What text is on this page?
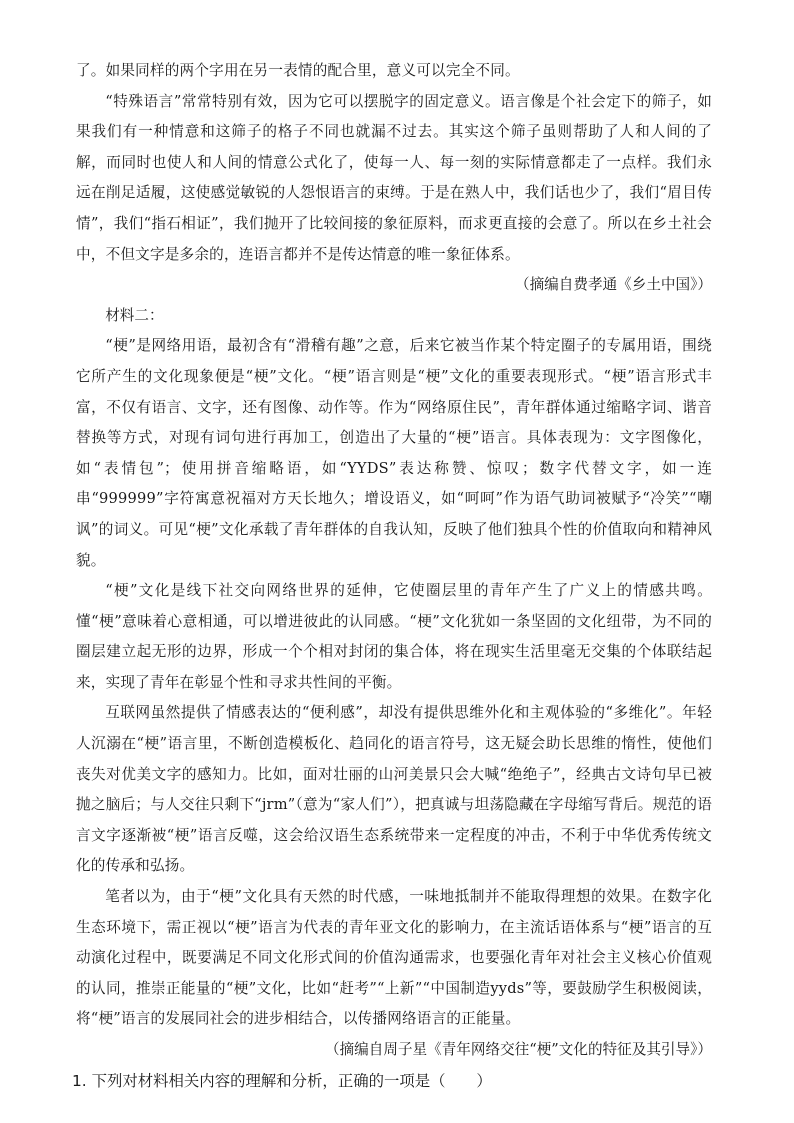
了。如果同样的两个字用在另一表情的配合里，意义可以完全不同。

“特殊语言”常常特别有效，因为它可以摆脱字的固定意义。语言像是个社会定下的筛子，如果我们有一种情意和这筛子的格子不同也就漏不过去。其实这个筛子虽则帮助了人和人间的了解，而同时也使人和人间的情意公式化了，使每一人、每一刻的实际情意都走了一点样。我们永远在削足适履，这使感觉敏锐的人怨恨语言的束缚。于是在熟人中，我们话也少了，我们“眉目传情”，我们“指石相证”，我们抛开了比较间接的象征原料，而求更直接的会意了。所以在乡土社会中，不但文字是多余的，连语言都并不是传达情意的唯一象征体系。

（摘编自费孝通《乡土中国》）

材料二：

“梗”是网络用语，最初含有“滑稽有趣”之意，后来它被当作某个特定圈子的专属用语，围绕它所产生的文化现象便是“梗”文化。“梗”语言则是“梗”文化的重要表现形式。“梗”语言形式丰富，不仅有语言、文字，还有图像、动作等。作为“网络原住民”，青年群体通过缩略字词、谐音替换等方式，对现有词句进行再加工，创造出了大量的“梗”语言。具体表现为：文字图像化，如“表情包”；使用拼音缩略语，如“YYDS”表达称赞、惊叹；数字代替文字，如一连串“999999”字符寓意祝福对方天长地久；增设语义，如“呵呵”作为语气助词被赋予“冷笑”“嘲讽”的词义。可见“梗”文化承载了青年群体的自我认知，反映了他们独具个性的价值取向和精神风貌。

“梗”文化是线下社交向网络世界的延伸，它使圈层里的青年产生了广义上的情感共鸣。懂“梗”意味着心意相通，可以增进彼此的认同感。“梗”文化犹如一条坚固的文化纽带，为不同的圈层建立起无形的边界，形成一个个相对封闭的集合体，将在现实生活里毫无交集的个体联结起来，实现了青年在彰显个性和寻求共性间的平衡。

互联网虽然提供了情感表达的“便利感”，却没有提供思维外化和主观体验的“多维化”。年轻人沉溺在“梗”语言里，不断创造模板化、趋同化的语言符号，这无疑会助长思维的惰性，使他们丧失对优美文字的感知力。比如，面对壮丽的山河美景只会大喊“绝绝子”，经典古文诗句早已被抛之脑后；与人交往只剩下“jrm”（意为“家人们”），把真诚与坦荡隐藏在字母缩写背后。规范的语言文字逐渐被“梗”语言反噬，这会给汉语生态系统带来一定程度的冲击，不利于中华优秀传统文化的传承和弘扬。

笔者以为，由于“梗”文化具有天然的时代感，一味地抵制并不能取得理想的效果。在数字化生态环境下，需正视以“梗”语言为代表的青年亚文化的影响力，在主流话语体系与“梗”语言的互动演化过程中，既要满足不同文化形式间的价值沟通需求，也要强化青年对社会主义核心价值观的认同，推崇正能量的“梗”文化，比如“赶考”“上新”“中国制造yyds”等，要鼓励学生积极阅读，将“梗”语言的发展同社会的进步相结合，以传播网络语言的正能量。

（摘编自周子星《青年网络交往“梗”文化的特征及其引导》）

1. 下列对材料相关内容的理解和分析，正确的一项是（　　）
